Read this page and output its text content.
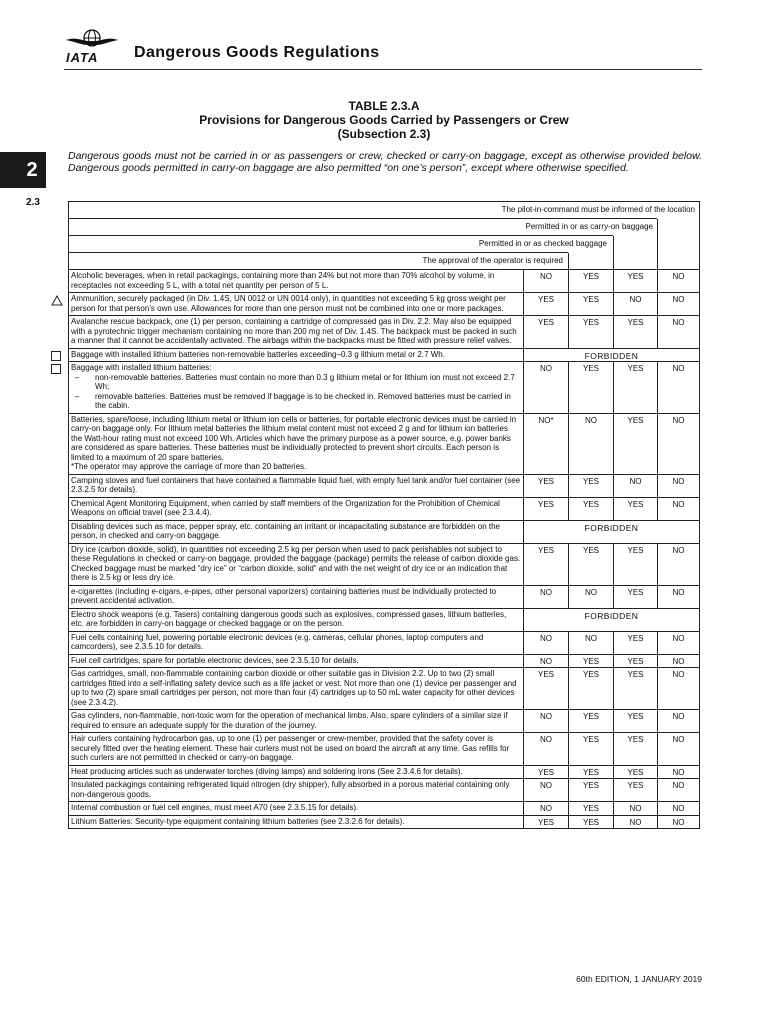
IATA Dangerous Goods Regulations
2
2.3
TABLE 2.3.A
Provisions for Dangerous Goods Carried by Passengers or Crew
(Subsection 2.3)
Dangerous goods must not be carried in or as passengers or crew, checked or carry-on baggage, except as otherwise provided below. Dangerous goods permitted in carry-on baggage are also permitted “on one’s person”, except where otherwise specified.
The pilot-in-command must be informed of the location
Permitted in or as carry-on baggage
Permitted in or as checked baggage
The approval of the operator is required
Alcoholic beverages, when in retail packagings, containing more than 24% but not more than 70% alcohol by volume, in receptacles not exceeding 5 L, with a total net quantity per person of 5 L.
NO	YES	YES	NO
Ammunition, securely packaged (in Div. 1.4S, UN 0012 or UN 0014 only), in quantities not exceeding 5 kg gross weight per person for that person’s own use. Allowances for more than one person must not be combined into one or more packages.
YES	YES	NO	NO
Avalanche rescue backpack, one (1) per person, containing a cartridge of compressed gas in Div. 2.2. May also be equipped with a pyrotechnic trigger mechanism containing no more than 200 mg net of Div. 1.4S. The backpack must be packed in such a manner that it cannot be accidentally activated. The airbags within the backpacks must be fitted with pressure relief valves.
YES	YES	YES	NO
Baggage with installed lithium batteries non-removable batteries exceeding–0.3 g lithium metal or 2.7 Wh.	FORBIDDEN
Baggage with installed lithium batteries:
– non-removable batteries. Batteries must contain no more than 0.3 g lithium metal or for lithium ion must not exceed 2.7 Wh;
– removable batteries. Batteries must be removed if baggage is to be checked in. Removed batteries must be carried in the cabin.
NO	YES	YES	NO
Batteries, spare/loose, including lithium metal or lithium ion cells or batteries, for portable electronic devices must be carried in carry-on baggage only. For lithium metal batteries the lithium metal content must not exceed 2 g and for lithium ion batteries the Watt-hour rating must not exceed 100 Wh. Articles which have the primary purpose as a power source, e.g. power banks are considered as spare batteries. These batteries must be individually protected to prevent short circuits. Each person is limited to a maximum of 20 spare batteries.
*The operator may approve the carriage of more than 20 batteries.
NO*	NO	YES	NO
Camping stoves and fuel containers that have contained a flammable liquid fuel, with empty fuel tank and/or fuel container (see 2.3.2.5 for details).
YES	YES	NO	NO
Chemical Agent Monitoring Equipment, when carried by staff members of the Organization for the Prohibition of Chemical Weapons on official travel (see 2.3.4.4).
YES	YES	YES	NO
Disabling devices such as mace, pepper spray, etc. containing an irritant or incapacitating substance are forbidden on the person, in checked and carry-on baggage.
FORBIDDEN
Dry ice (carbon dioxide, solid), in quantities not exceeding 2.5 kg per person when used to pack perishables not subject to these Regulations in checked or carry-on baggage, provided the baggage (package) permits the release of carbon dioxide gas. Checked baggage must be marked “dry ice” or “carbon dioxide, solid” and with the net weight of dry ice or an indication that there is 2.5 kg or less dry ice.
YES	YES	YES	NO
e-cigarettes (including e-cigars, e-pipes, other personal vaporizers) containing batteries must be individually protected to prevent accidental activation.
NO	NO	YES	NO
Electro shock weapons (e.g. Tasers) containing dangerous goods such as explosives, compressed gases, lithium batteries, etc. are forbidden in carry-on baggage or checked baggage or on the person.
FORBIDDEN
Fuel cells containing fuel, powering portable electronic devices (e.g. cameras, cellular phones, laptop computers and camcorders), see 2.3.5.10 for details.
NO	NO	YES	NO
Fuel cell cartridges, spare for portable electronic devices, see 2.3.5.10 for details.	NO	YES	YES	NO
Gas cartridges, small, non-flammable containing carbon dioxide or other suitable gas in Division 2.2. Up to two (2) small cartridges fitted into a self-inflating safety device such as a life jacket or vest. Not more than one (1) device per passenger and up to two (2) spare small cartridges per person, not more than four (4) cartridges up to 50 mL water capacity for other devices (see 2.3.4.2).
YES	YES	YES	NO
Gas cylinders, non-flammable, non-toxic worn for the operation of mechanical limbs. Also, spare cylinders of a similar size if required to ensure an adequate supply for the duration of the journey.
NO	YES	YES	NO
Hair curlers containing hydrocarbon gas, up to one (1) per passenger or crew-member, provided that the safety cover is securely fitted over the heating element. These hair curlers must not be used on board the aircraft at any time. Gas refills for such curlers are not permitted in checked or carry-on baggage.
NO	YES	YES	NO
Heat producing articles such as underwater torches (diving lamps) and soldering irons (See 2.3.4.6 for details).	YES	YES	YES	NO
Insulated packagings containing refrigerated liquid nitrogen (dry shipper), fully absorbed in a porous material containing only non-dangerous goods.
NO	YES	YES	NO
Internal combustion or fuel cell engines, must meet A70 (see 2.3.5.15 for details).	NO	YES	NO	NO
Lithium Batteries: Security-type equipment containing lithium batteries (see 2.3.2.6 for details).	YES	YES	NO	NO
60th EDITION, 1 JANUARY 2019
